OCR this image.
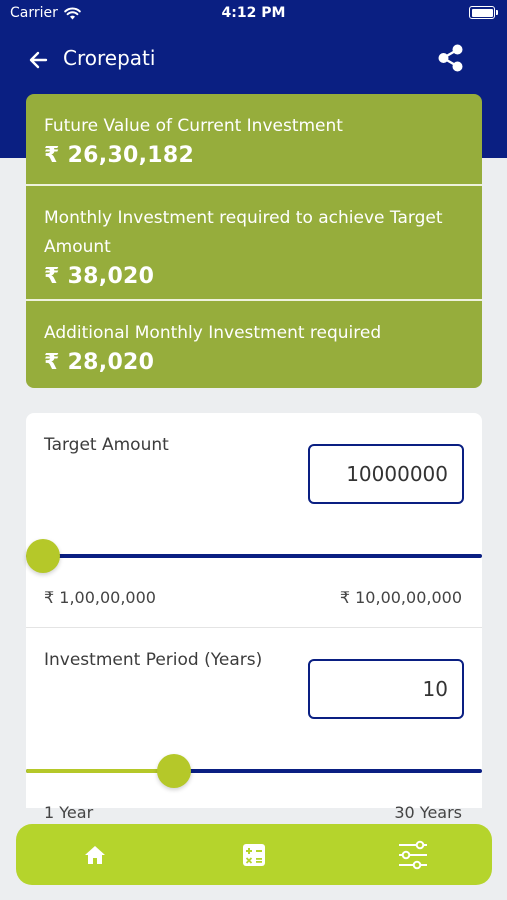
Carrier	4:12 PM
Crorepati
Future Value of Current Investment
₹ 26,30,182
Monthly Investment required to achieve Target Amount
₹ 38,020
Additional Monthly Investment required
₹ 28,020
Target Amount
10000000
₹ 1,00,00,000	₹ 10,00,00,000
Investment Period (Years)
10
1 Year	30 Years
